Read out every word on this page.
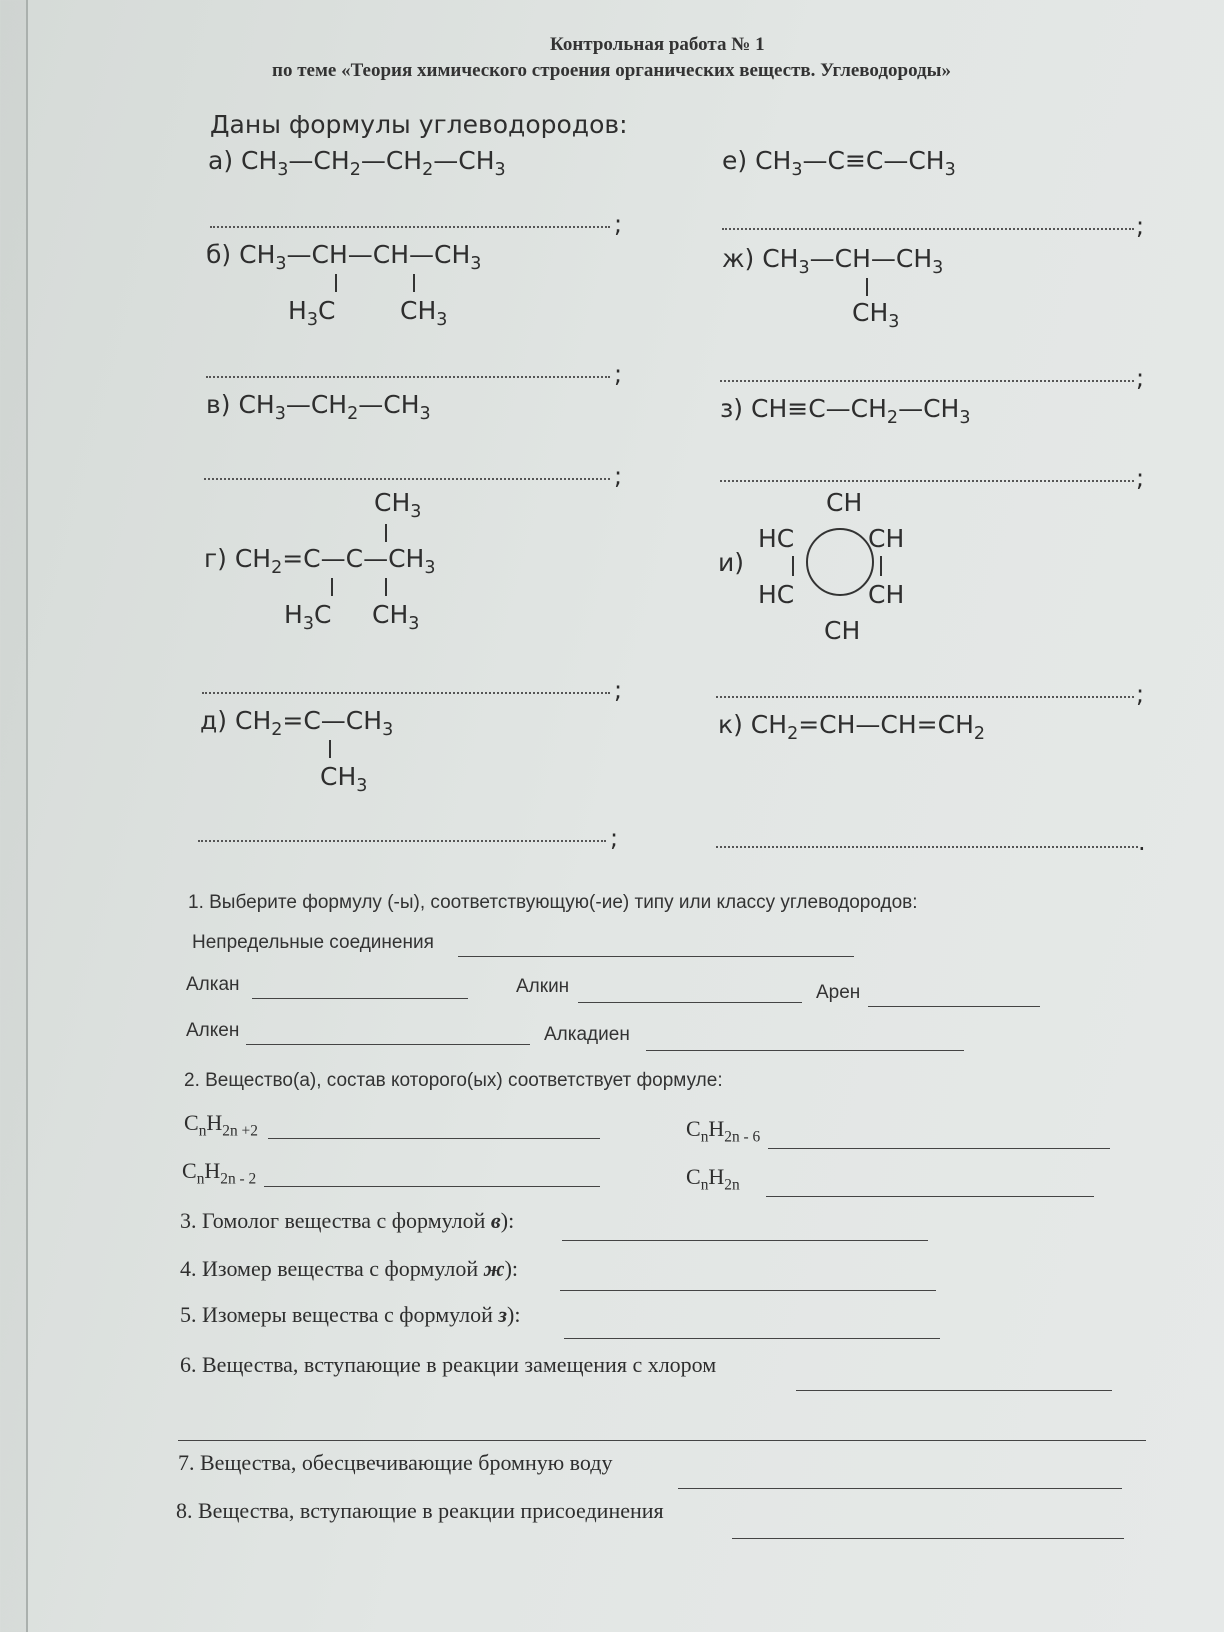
Контрольная работа № 1
по теме «Теория химического строения органических веществ. Углеводороды»
Даны формулы углеводородов:
а) $CH_3—CH_2—CH_2—CH_3$
;
е) $CH_3—C\equiv C—CH_3$
;
б) $CH_3—CH—CH—CH_3$
$H_3C$	$CH_3$
;
ж) $CH_3—CH—CH_3$
$CH_3$
;
в) $CH_3—CH_2—CH_3$
;
з) $CH\equiv C—CH_2—CH_3$
;
$CH_3$
г) $CH_2=C—C—CH_3$
$H_3C$ $CH_3$
;
и)
CH
HC	CH
HC	CH
CH
;
д) $CH_2=C—CH_3$
$CH_3$
;
к) $CH_2=CH—CH=CH_2$
.
1. Выберите формулу (-ы), соответствующую(-ие) типу или классу углеводородов:
Непредельные соединения
Алкан	Алкин	Арен
Алкен	Алкадиен
2. Вещество(а), состав которого(ых) соответствует формуле:
$C_nH_{2n +2}$	$C_nH_{2n - 6}$
$C_nH_{2n - 2}$	$C_nH_{2n}$
3. Гомолог вещества с формулой в):
4. Изомер вещества с формулой ж):
5. Изомеры вещества с формулой з):
6. Вещества, вступающие в реакции замещения с хлором
7. Вещества, обесцвечивающие бромную воду
8. Вещества, вступающие в реакции присоединения
